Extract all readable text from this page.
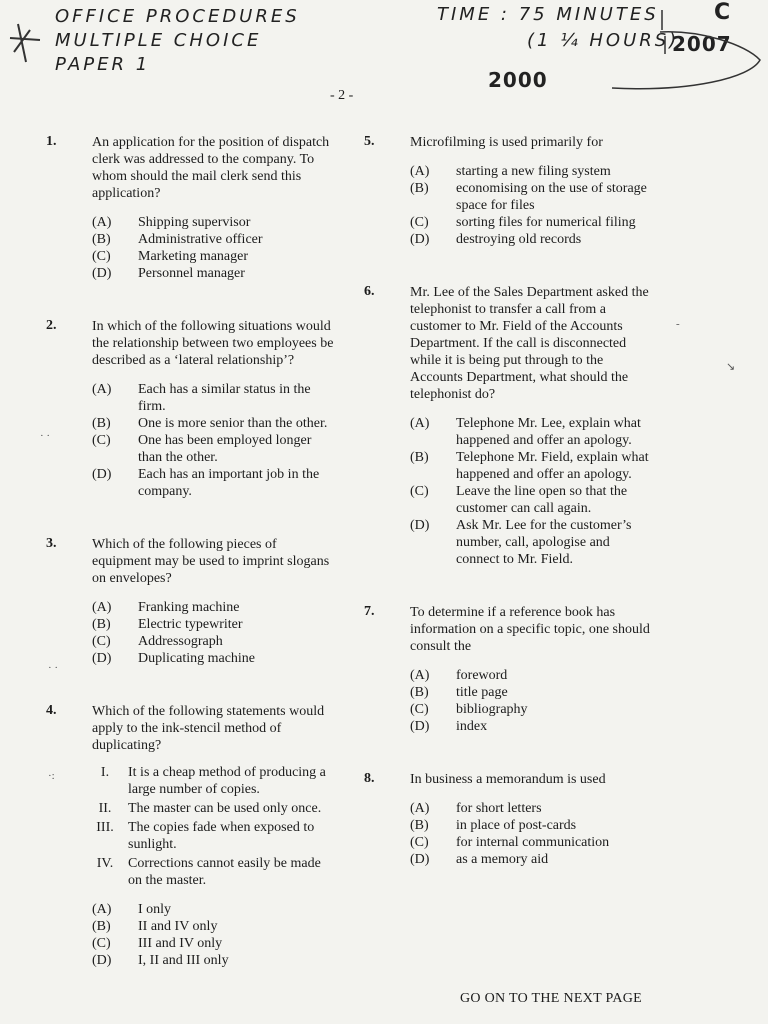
OFFICE PROCEDURES
MULTIPLE CHOICE
PAPER 1
TIME : 75 MINUTES
(1 ¼ HOURS)
C
2007
2000
- 2 -
1.	An application for the position of dispatch clerk was addressed to the company. To whom should the mail clerk send this application?
(A)	Shipping supervisor
(B)	Administrative officer
(C)	Marketing manager
(D)	Personnel manager
2.	In which of the following situations would the relationship between two employees be described as a ‘lateral relationship’?
(A)	Each has a similar status in the firm.
(B)	One is more senior than the other.
(C)	One has been employed longer than the other.
(D)	Each has an important job in the company.
3.	Which of the following pieces of equipment may be used to imprint slogans on envelopes?
(A)	Franking machine
(B)	Electric typewriter
(C)	Addressograph
(D)	Duplicating machine
4.	Which of the following statements would apply to the ink-stencil method of duplicating?
I.	It is a cheap method of producing a large number of copies.
II.	The master can be used only once.
III.	The copies fade when exposed to sunlight.
IV.	Corrections cannot easily be made on the master.
(A)	I only
(B)	II and IV only
(C)	III and IV only
(D)	I, II and III only
5.	Microfilming is used primarily for
(A)	starting a new filing system
(B)	economising on the use of storage space for files
(C)	sorting files for numerical filing
(D)	destroying old records
6.	Mr. Lee of the Sales Department asked the telephonist to transfer a call from a customer to Mr. Field of the Accounts Department. If the call is disconnected while it is being put through to the Accounts Department, what should the telephonist do?
(A)	Telephone Mr. Lee, explain what happened and offer an apology.
(B)	Telephone Mr. Field, explain what happened and offer an apology.
(C)	Leave the line open so that the customer can call again.
(D)	Ask Mr. Lee for the customer’s number, call, apologise and connect to Mr. Field.
7.	To determine if a reference book has information on a specific topic, one should consult the
(A)	foreword
(B)	title page
(C)	bibliography
(D)	index
8.	In business a memorandum is used
(A)	for short letters
(B)	in place of post-cards
(C)	for internal communication
(D)	as a memory aid
· ·
· ·
·:
-
↘
GO ON TO THE NEXT PAGE
